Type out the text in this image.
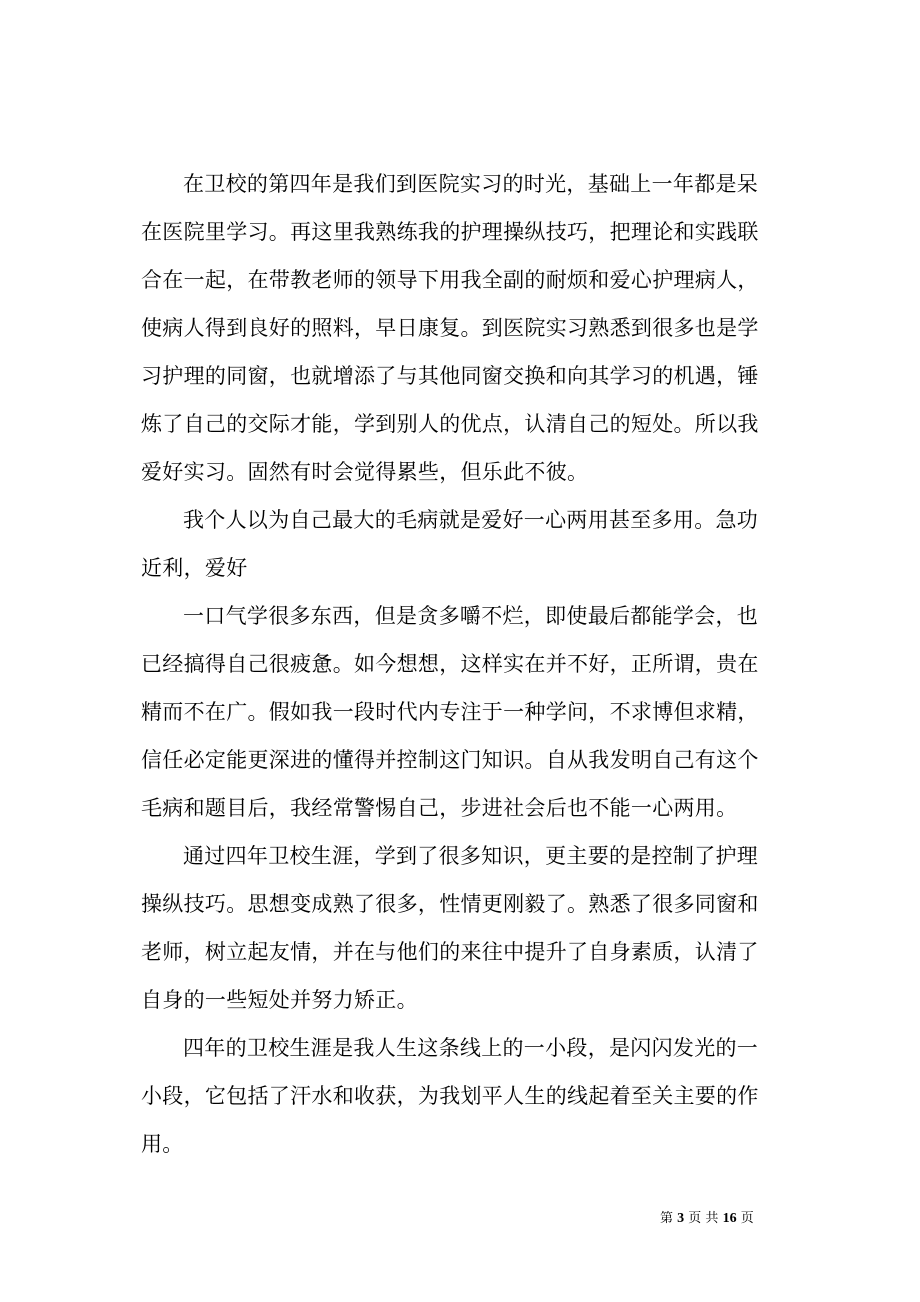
在卫校的第四年是我们到医院实习的时光，基础上一年都是呆
在医院里学习。再这里我熟练我的护理操纵技巧，把理论和实践联
合在一起，在带教老师的领导下用我全副的耐烦和爱心护理病人，
使病人得到良好的照料，早日康复。到医院实习熟悉到很多也是学
习护理的同窗，也就增添了与其他同窗交换和向其学习的机遇，锤
炼了自己的交际才能，学到别人的优点，认清自己的短处。所以我
爱好实习。固然有时会觉得累些，但乐此不彼。
我个人以为自己最大的毛病就是爱好一心两用甚至多用。急功
近利，爱好
一口气学很多东西，但是贪多嚼不烂，即使最后都能学会，也
已经搞得自己很疲惫。如今想想，这样实在并不好，正所谓，贵在
精而不在广。假如我一段时代内专注于一种学问，不求博但求精，
信任必定能更深进的懂得并控制这门知识。自从我发明自己有这个
毛病和题目后，我经常警惕自己，步进社会后也不能一心两用。
通过四年卫校生涯，学到了很多知识，更主要的是控制了护理
操纵技巧。思想变成熟了很多，性情更刚毅了。熟悉了很多同窗和
老师，树立起友情，并在与他们的来往中提升了自身素质，认清了
自身的一些短处并努力矫正。
四年的卫校生涯是我人生这条线上的一小段，是闪闪发光的一
小段，它包括了汗水和收获，为我划平人生的线起着至关主要的作
用。
第 3 页 共 16 页
